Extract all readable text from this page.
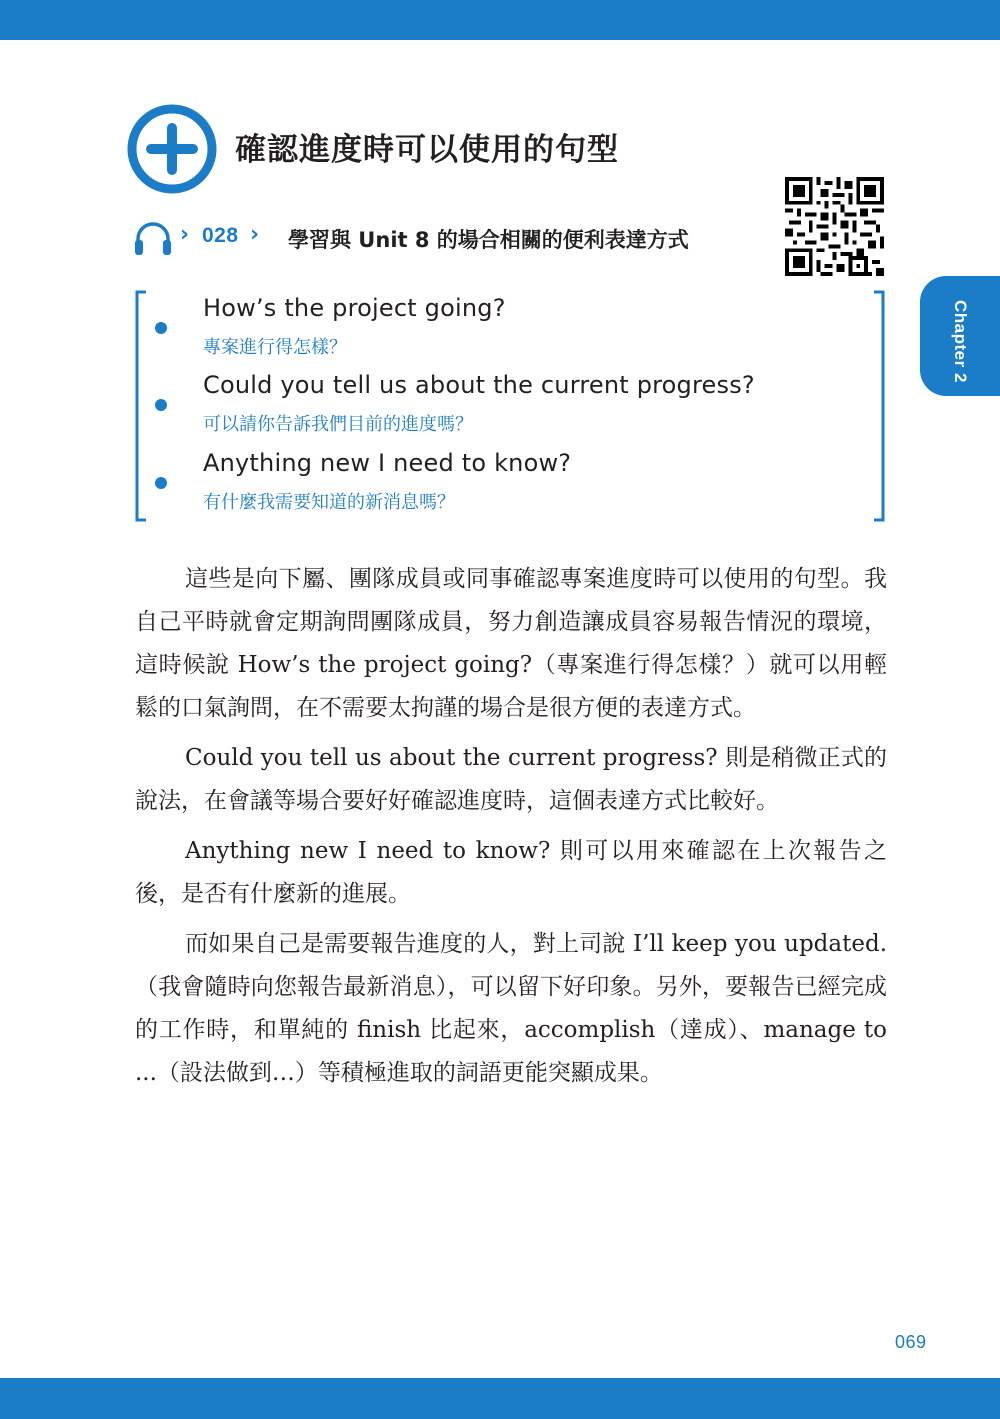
確認進度時可以使用的句型
› 028 › 學習與 Unit 8 的場合相關的便利表達方式
How’s the project going?
專案進行得怎樣？
Could you tell us about the current progress?
可以請你告訴我們目前的進度嗎？
Anything new I need to know?
有什麼我需要知道的新消息嗎？

這些是向下屬、團隊成員或同事確認專案進度時可以使用的句型。我自己平時就會定期詢問團隊成員，努力創造讓成員容易報告情況的環境，這時候說 How’s the project going?（專案進行得怎樣？）就可以用輕鬆的口氣詢問，在不需要太拘謹的場合是很方便的表達方式。

Could you tell us about the current progress? 則是稍微正式的說法，在會議等場合要好好確認進度時，這個表達方式比較好。

Anything new I need to know? 則可以用來確認在上次報告之後，是否有什麼新的進展。

而如果自己是需要報告進度的人，對上司說 I’ll keep you updated.（我會隨時向您報告最新消息），可以留下好印象。另外，要報告已經完成的工作時，和單純的 finish 比起來，accomplish（達成）、manage to ...（設法做到…）等積極進取的詞語更能突顯成果。

Chapter 2
069
